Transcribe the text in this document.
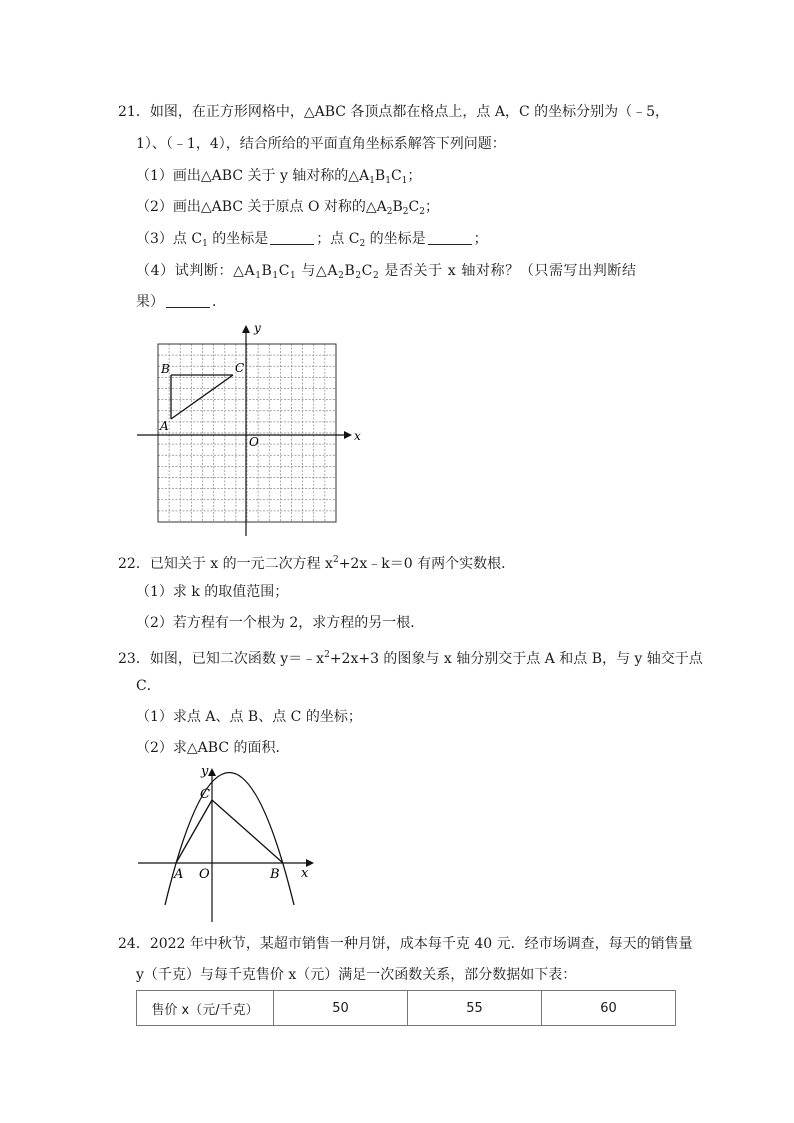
21．如图，在正方形网格中，△ABC 各顶点都在格点上，点 A，C 的坐标分别为（﹣5，
1）、（﹣1，4），结合所给的平面直角坐标系解答下列问题：
（1）画出△ABC 关于 y 轴对称的$\triangle A_1B_1C_1$；
（2）画出△ABC 关于原点 O 对称的$\triangle A_2B_2C_2$；
（3）点 $C_1$ 的坐标是	；点 $C_2$ 的坐标是	；
（4）试判断：$\triangle A_1B_1C_1$ 与$\triangle A_2B_2C_2$ 是否关于 x 轴对称？（只需写出判断结
果）	．
B	C
A
O	x
y
22．已知关于 x 的一元二次方程 $x^2+2x﹣k=0$ 有两个实数根．
（1）求 k 的取值范围；
（2）若方程有一个根为 2，求方程的另一根．
23．如图，已知二次函数 $y=﹣x^2+2x+3$ 的图象与 x 轴分别交于点 A 和点 B，与 y 轴交于点
C．
（1）求点 A、点 B、点 C 的坐标；
（2）求△ABC 的面积．
y
C
A O	B x
24．2022 年中秋节，某超市销售一种月饼，成本每千克 40 元．经市场调查，每天的销售量
y（千克）与每千克售价 x（元）满足一次函数关系，部分数据如下表：
售价 x（元/千克）	50	55	60
